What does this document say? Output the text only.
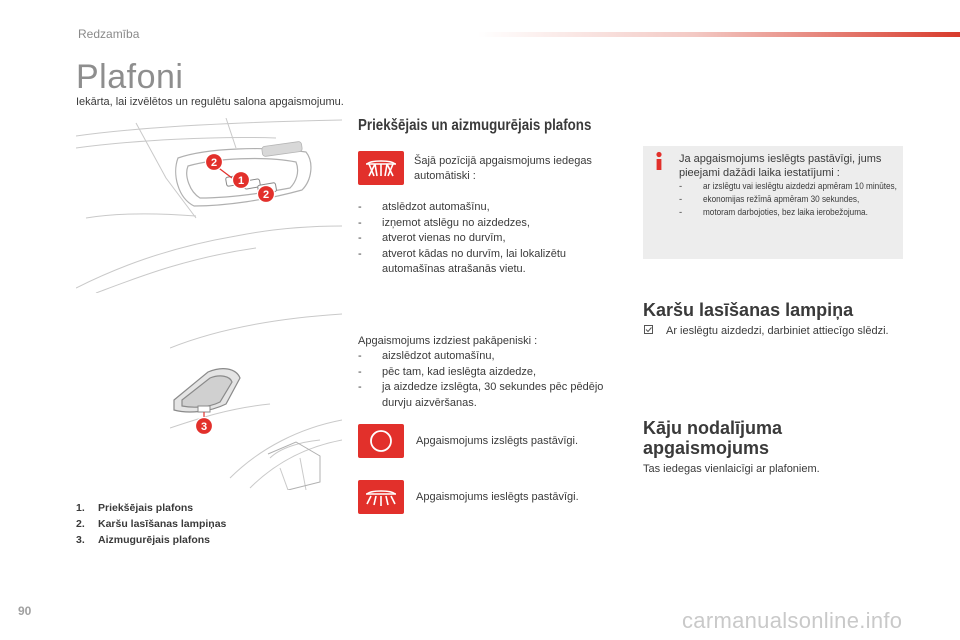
Redzamība
Plafoni

Iekārta, lai izvēlētos un regulētu salona apgaismojumu.

2
1
2
3
1. Priekšējais plafons
2. Karšu lasīšanas lampiņas
3. Aizmugurējais plafons
Priekšējais un aizmugurējais plafons

Šajā pozīcijā apgaismojums iedegas automātiski :

- atslēdzot automašīnu,
- izņemot atslēgu no aizdedzes,
- atverot vienas no durvīm,
- atverot kādas no durvīm, lai lokalizētu automašīnas atrašanās vietu.

Apgaismojums izdziest pakāpeniski :

- aizslēdzot automašīnu,
- pēc tam, kad ieslēgta aizdedze,
- ja aizdedze izslēgta, 30 sekundes pēc pēdējo durvju aizvēršanas.

Apgaismojums izslēgts pastāvīgi.

Apgaismojums ieslēgts pastāvīgi.

Ja apgaismojums ieslēgts pastāvīgi, jums pieejami dažādi laika iestatījumi :

- ar izslēgtu vai ieslēgtu aizdedzi apmēram 10 minūtes,
- ekonomijas režīmā apmēram 30 sekundes,
- motoram darbojoties, bez laika ierobežojuma.
Karšu lasīšanas lampiņa

Ar ieslēgtu aizdedzi, darbiniet attiecīgo slēdzi.

Kāju nodalījuma apgaismojums

Tas iedegas vienlaicīgi ar plafoniem.

90	carmanualsonline.info
